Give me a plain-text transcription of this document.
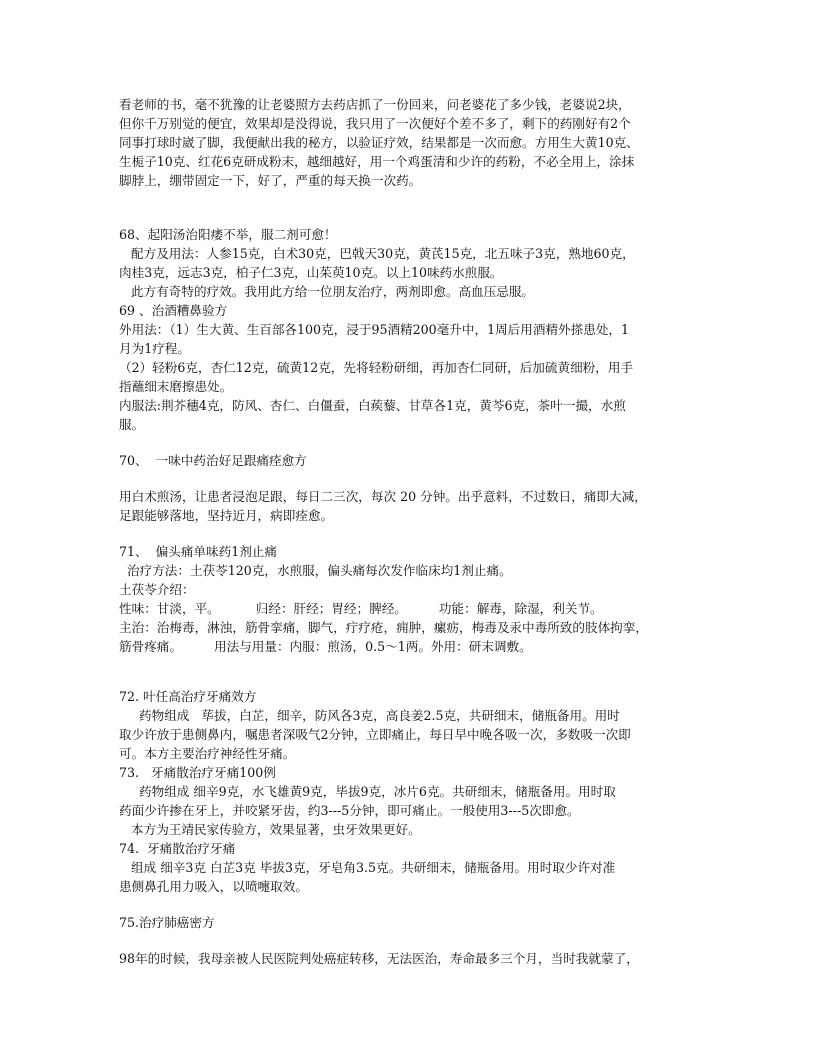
看老师的书，毫不犹豫的让老婆照方去药店抓了一份回来，问老婆花了多少钱，老婆说2块，
但你千万别觉的便宜，效果却是没得说，我只用了一次便好个差不多了，剩下的药刚好有2个
同事打球时崴了脚，我便献出我的秘方，以验证疗效，结果都是一次而愈。方用生大黄10克、
生栀子10克、红花6克研成粉末，越细越好，用一个鸡蛋清和少许的药粉，不必全用上，涂抹
脚脖上，绷带固定一下，好了，严重的每天换一次药。
68、起阳汤治阳痿不举，服二剂可愈！
配方及用法：人参15克，白术30克，巴戟天30克，黄芪15克，北五味子3克，熟地60克，
肉桂3克，远志3克，柏子仁3克，山茱萸10克。以上10味药水煎服。
此方有奇特的疗效。我用此方给一位朋友治疗，两剂即愈。高血压忌服。
69 、治酒糟鼻验方
外用法：（1）生大黄、生百部各100克，浸于95酒精200毫升中，1周后用酒精外搽患处，1
月为1疗程。
（2）轻粉6克，杏仁12克，硫黄12克，先将轻粉研细，再加杏仁同研，后加硫黄细粉，用手
指蘸细末磨擦患处。
内服法:荆芥穗4克，防风、杏仁、白僵蚕，白蒺藜、甘草各1克，黄芩6克，茶叶一撮，水煎
服。
70、  一味中药治好足跟痛痊愈方
用白术煎汤，让患者浸泡足跟，每日二三次，每次 20 分钟。出乎意料，不过数日，痛即大减，
足跟能够落地，坚持近月，病即痊愈。
71、  偏头痛单味药1剂止痛
治疗方法：土茯苓120克，水煎服，偏头痛每次发作临床均1剂止痛。
土茯苓介绍：
性味：甘淡，平。         归经：肝经；胃经；脾经。        功能：解毒，除湿，利关节。
主治：治梅毒，淋浊，筋骨挛痛，脚气，疔疗疮，痈肿，瘰疬，梅毒及汞中毒所致的肢体拘挛，
筋骨疼痛。        用法与用量：内服：煎汤，0.5～1两。外用：研末调敷。
72. 叶任高治疗牙痛效方
药物组成   荜拔，白芷，细辛，防风各3克，高良姜2.5克，共研细末，储瓶备用。用时
取少许放于患侧鼻内，嘱患者深吸气2分钟，立即痛止，每日早中晚各吸一次，多数吸一次即
可。本方主要治疗神经性牙痛。
73.   牙痛散治疗牙痛100例
药物组成 细辛9克，水飞雄黄9克，毕拔9克，冰片6克。共研细末，储瓶备用。用时取
药面少许掺在牙上，并咬紧牙齿，约3---5分钟，即可痛止。一般使用3---5次即愈。
本方为王靖民家传验方，效果显著，虫牙效果更好。
74.  牙痛散治疗牙痛
组成 细辛3克 白芷3克 毕拔3克，牙皂角3.5克。共研细末，储瓶备用。用时取少许对准
患侧鼻孔用力吸入，以喷嚏取效。
75.治疗肺癌密方
98年的时候，我母亲被人民医院判处癌症转移，无法医治，寿命最多三个月，当时我就蒙了，
